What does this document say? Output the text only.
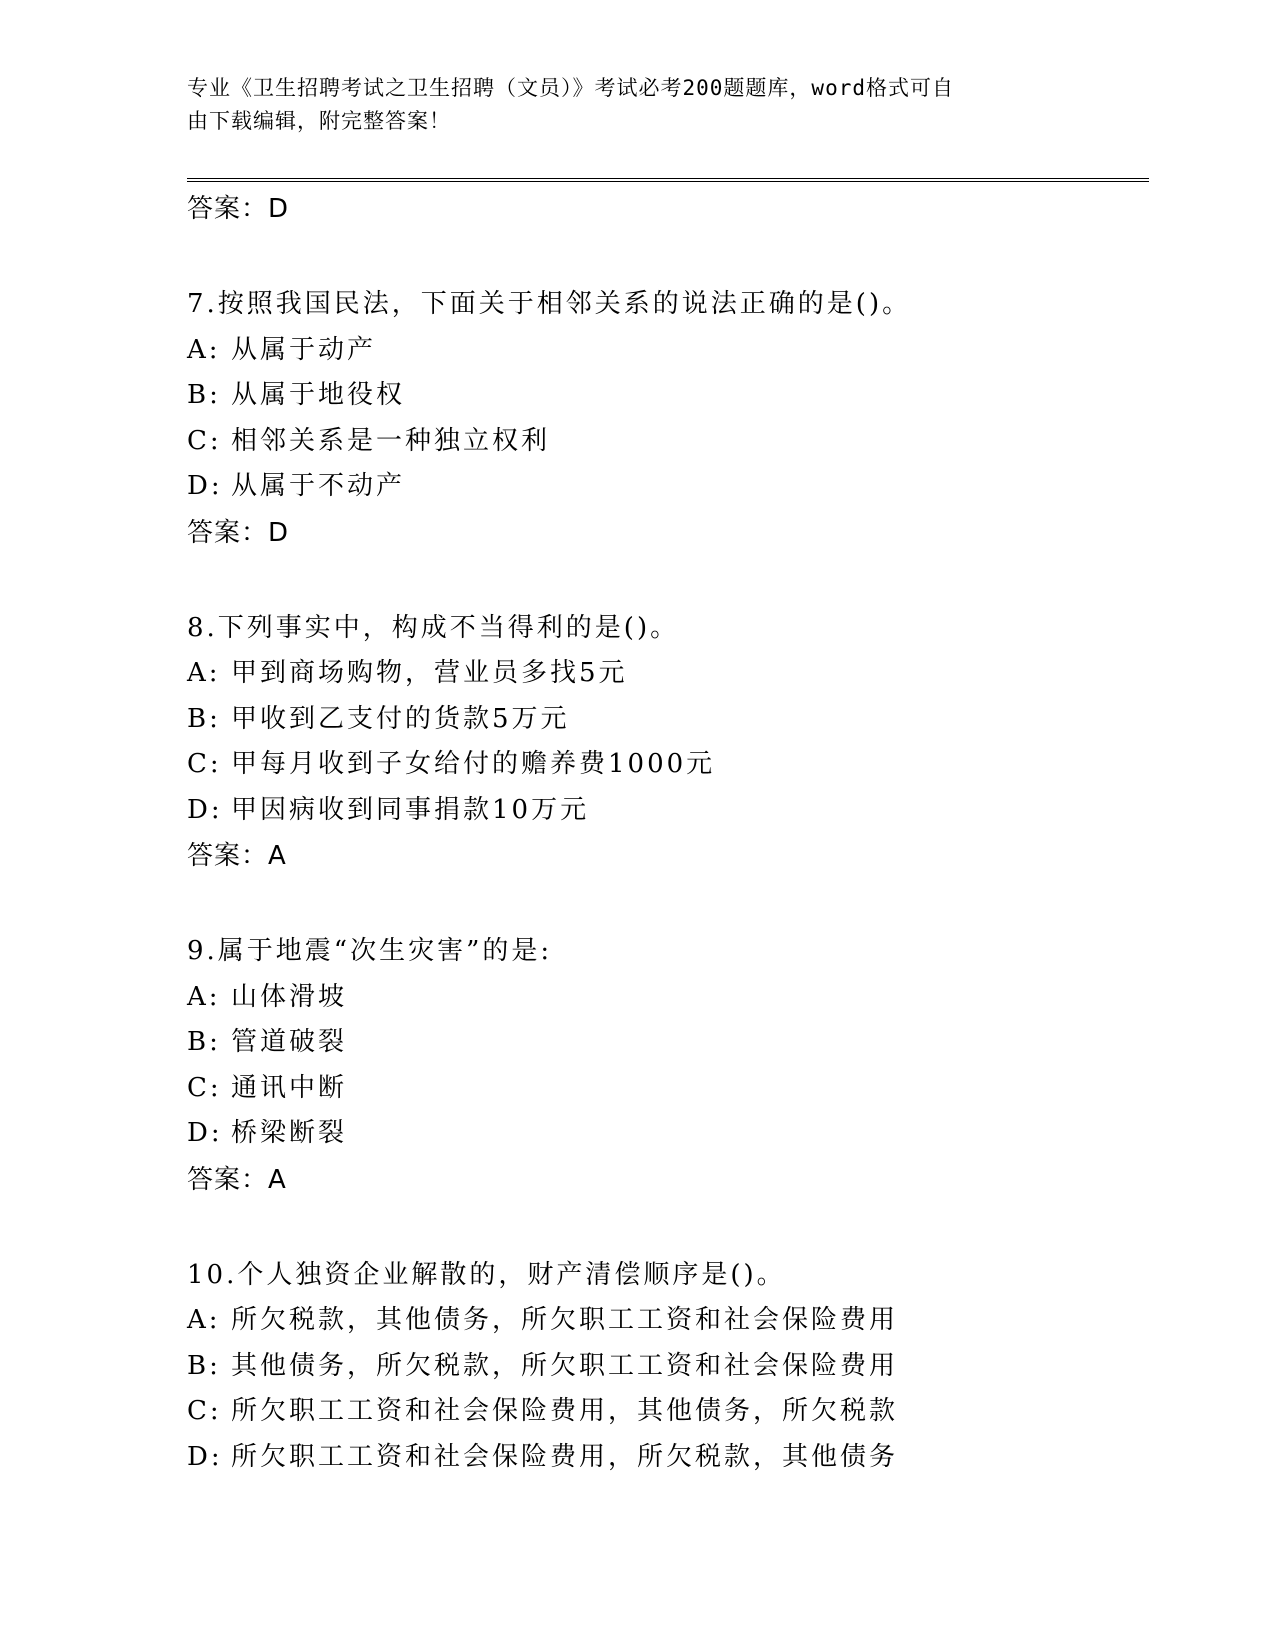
专业《卫生招聘考试之卫生招聘（文员）》考试必考200题题库，word格式可自
由下载编辑，附完整答案！
答案：D
7.按照我国民法，下面关于相邻关系的说法正确的是()。
A: 从属于动产
B: 从属于地役权
C: 相邻关系是一种独立权利
D: 从属于不动产
答案：D
8.下列事实中，构成不当得利的是()。
A: 甲到商场购物，营业员多找5元
B: 甲收到乙支付的货款5万元
C: 甲每月收到子女给付的赡养费1000元
D: 甲因病收到同事捐款10万元
答案：A
9.属于地震“次生灾害”的是:
A: 山体滑坡
B: 管道破裂
C: 通讯中断
D: 桥梁断裂
答案：A
10.个人独资企业解散的，财产清偿顺序是()。
A: 所欠税款，其他债务，所欠职工工资和社会保险费用
B: 其他债务，所欠税款，所欠职工工资和社会保险费用
C: 所欠职工工资和社会保险费用，其他债务，所欠税款
D: 所欠职工工资和社会保险费用，所欠税款，其他债务
